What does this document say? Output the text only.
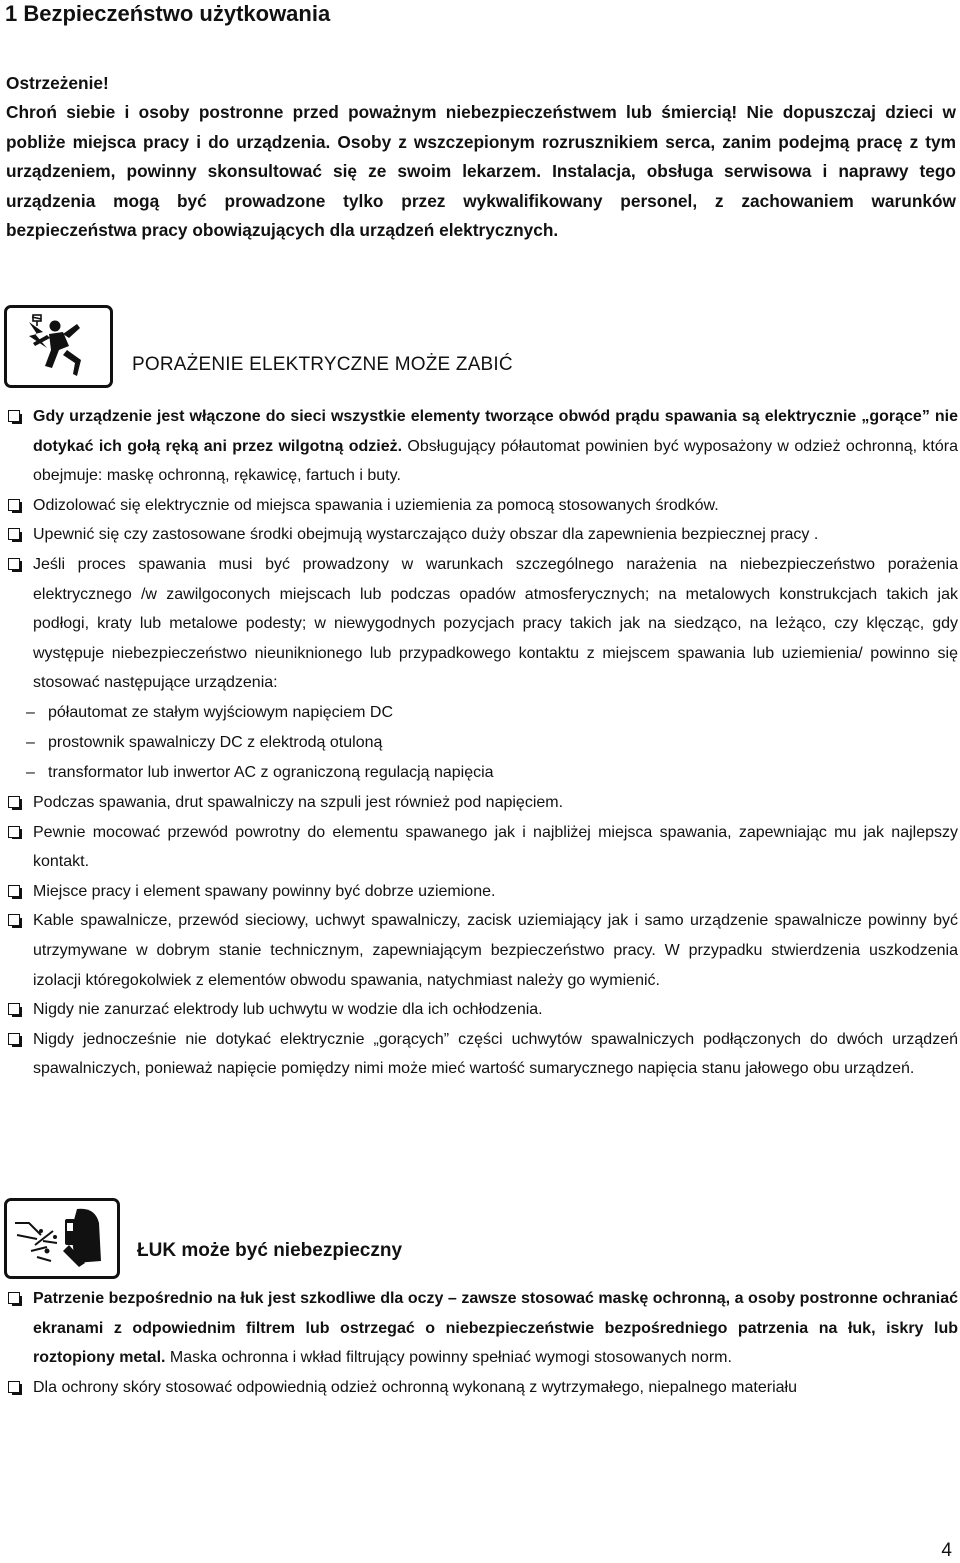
1 Bezpieczeństwo użytkowania
Ostrzeżenie!

Chroń siebie i osoby postronne przed poważnym niebezpieczeństwem lub śmiercią! Nie dopuszczaj dzieci w pobliże miejsca pracy i do urządzenia. Osoby z wszczepionym rozrusznikiem serca, zanim podejmą pracę z tym urządzeniem, powinny skonsultować się ze swoim lekarzem. Instalacja, obsługa serwisowa i naprawy tego urządzenia mogą być prowadzone tylko przez wykwalifikowany personel, z zachowaniem warunków bezpieczeństwa pracy obowiązujących dla urządzeń elektrycznych.

PORAŻENIE ELEKTRYCZNE MOŻE ZABIĆ
Gdy urządzenie jest włączone do sieci wszystkie elementy tworzące obwód prądu spawania są elektrycznie „gorące” nie dotykać ich gołą ręką ani przez wilgotną odzież. Obsługujący półautomat powinien być wyposażony w odzież ochronną, która obejmuje: maskę ochronną, rękawicę, fartuch i buty.
Odizolować się elektrycznie od miejsca spawania i uziemienia za pomocą stosowanych środków.
Upewnić się czy zastosowane środki obejmują wystarczająco duży obszar dla zapewnienia bezpiecznej pracy .
Jeśli proces spawania musi być prowadzony w warunkach szczególnego narażenia na niebezpieczeństwo porażenia elektrycznego /w zawilgoconych miejscach lub podczas opadów atmosferycznych; na metalowych konstrukcjach takich jak podłogi, kraty lub metalowe podesty; w niewygodnych pozycjach pracy takich jak na siedząco, na leżąco, czy klęcząc, gdy występuje niebezpieczeństwo nieuniknionego lub przypadkowego kontaktu z miejscem spawania lub uziemienia/ powinno się stosować następujące urządzenia:
– półautomat ze stałym wyjściowym napięciem DC
– prostownik spawalniczy DC z elektrodą otuloną
– transformator lub inwertor AC z ograniczoną regulacją napięcia
Podczas spawania, drut spawalniczy na szpuli jest również pod napięciem.
Pewnie mocować przewód powrotny do elementu spawanego jak i najbliżej miejsca spawania, zapewniając mu jak najlepszy kontakt.
Miejsce pracy i element spawany powinny być dobrze uziemione.
Kable spawalnicze, przewód sieciowy, uchwyt spawalniczy, zacisk uziemiający jak i samo urządzenie spawalnicze powinny być utrzymywane w dobrym stanie technicznym, zapewniającym bezpieczeństwo pracy. W przypadku stwierdzenia uszkodzenia izolacji któregokolwiek z elementów obwodu spawania, natychmiast należy go wymienić.
Nigdy nie zanurzać elektrody lub uchwytu w wodzie dla ich ochłodzenia.
Nigdy jednocześnie nie dotykać elektrycznie „gorących” części uchwytów spawalniczych podłączonych do dwóch urządzeń spawalniczych, ponieważ napięcie pomiędzy nimi może mieć wartość sumarycznego napięcia stanu jałowego obu urządzeń.
ŁUK może być niebezpieczny
Patrzenie bezpośrednio na łuk jest szkodliwe dla oczy – zawsze stosować maskę ochronną, a osoby postronne ochraniać ekranami z odpowiednim filtrem lub ostrzegać o niebezpieczeństwie bezpośredniego patrzenia na łuk, iskry lub roztopiony metal. Maska ochronna i wkład filtrujący powinny spełniać wymogi stosowanych norm.
Dla ochrony skóry stosować odpowiednią odzież ochronną wykonaną z wytrzymałego, niepalnego materiału
4
